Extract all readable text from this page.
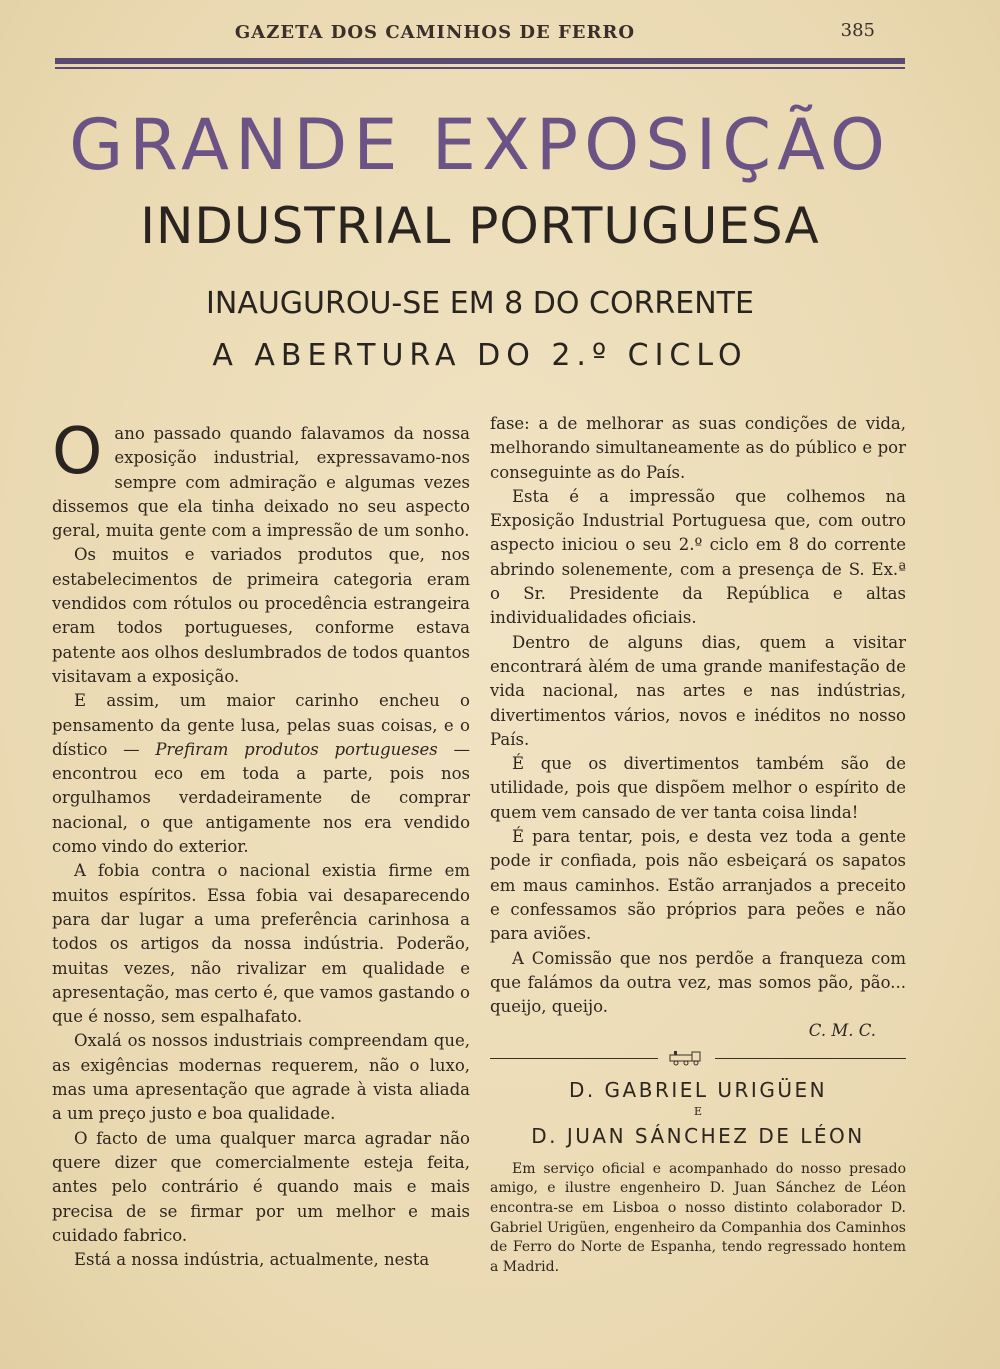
GAZETA DOS CAMINHOS DE FERRO	385
GRANDE EXPOSIÇÃO
INDUSTRIAL PORTUGUESA
INAUGUROU-SE EM 8 DO CORRENTE
A ABERTURA DO 2.º CICLO

Oano passado quando falavamos da nossa exposição industrial, expressavamo-nos sempre com admiração e algumas vezes dissemos que ela tinha deixado no seu aspecto geral, muita gente com a impressão de um sonho.

Os muitos e variados produtos que, nos estabelecimentos de primeira categoria eram vendidos com rótulos ou procedência estrangeira eram todos portugueses, conforme estava patente aos olhos deslumbrados de todos quantos visitavam a exposição.

E assim, um maior carinho encheu o pensamento da gente lusa, pelas suas coisas, e o dístico — Prefiram produtos portugueses — encontrou eco em toda a parte, pois nos orgulhamos verdadeiramente de comprar nacional, o que antigamente nos era vendido como vindo do exterior.

A fobia contra o nacional existia firme em muitos espíritos. Essa fobia vai desaparecendo para dar lugar a uma preferência carinhosa a todos os artigos da nossa indústria. Poderão, muitas vezes, não rivalizar em qualidade e apresentação, mas certo é, que vamos gastando o que é nosso, sem espalhafato.

Oxalá os nossos industriais compreendam que, as exigências modernas requerem, não o luxo, mas uma apresentação que agrade à vista aliada a um preço justo e boa qualidade.

O facto de uma qualquer marca agradar não quere dizer que comercialmente esteja feita, antes pelo contrário é quando mais e mais precisa de se firmar por um melhor e mais cuidado fabrico.

Está a nossa indústria, actualmente, nesta

fase: a de melhorar as suas condições de vida, melhorando simultaneamente as do público e por conseguinte as do País.

Esta é a impressão que colhemos na Exposição Industrial Portuguesa que, com outro aspecto iniciou o seu 2.º ciclo em 8 do corrente abrindo solenemente, com a presença de S. Ex.ª o Sr. Presidente da República e altas individualidades oficiais.

Dentro de alguns dias, quem a visitar encontrará àlém de uma grande manifestação de vida nacional, nas artes e nas indústrias, divertimentos vários, novos e inéditos no nosso País.

É que os divertimentos também são de utilidade, pois que dispõem melhor o espírito de quem vem cansado de ver tanta coisa linda!

É para tentar, pois, e desta vez toda a gente pode ir confiada, pois não esbeiçará os sapatos em maus caminhos. Estão arranjados a preceito e confessamos são próprios para peões e não para aviões.

A Comissão que nos perdõe a franqueza com que falámos da outra vez, mas somos pão, pão... queijo, queijo.

C. M. C.

D. GABRIEL URIGÜEN
E
D. JUAN SÁNCHEZ DE LÉON

Em serviço oficial e acompanhado do nosso presado amigo, e ilustre engenheiro D. Juan Sánchez de Léon encontra-se em Lisboa o nosso distinto colaborador D. Gabriel Urigüen, engenheiro da Companhia dos Caminhos de Ferro do Norte de Espanha, tendo regressado hontem a Madrid.
